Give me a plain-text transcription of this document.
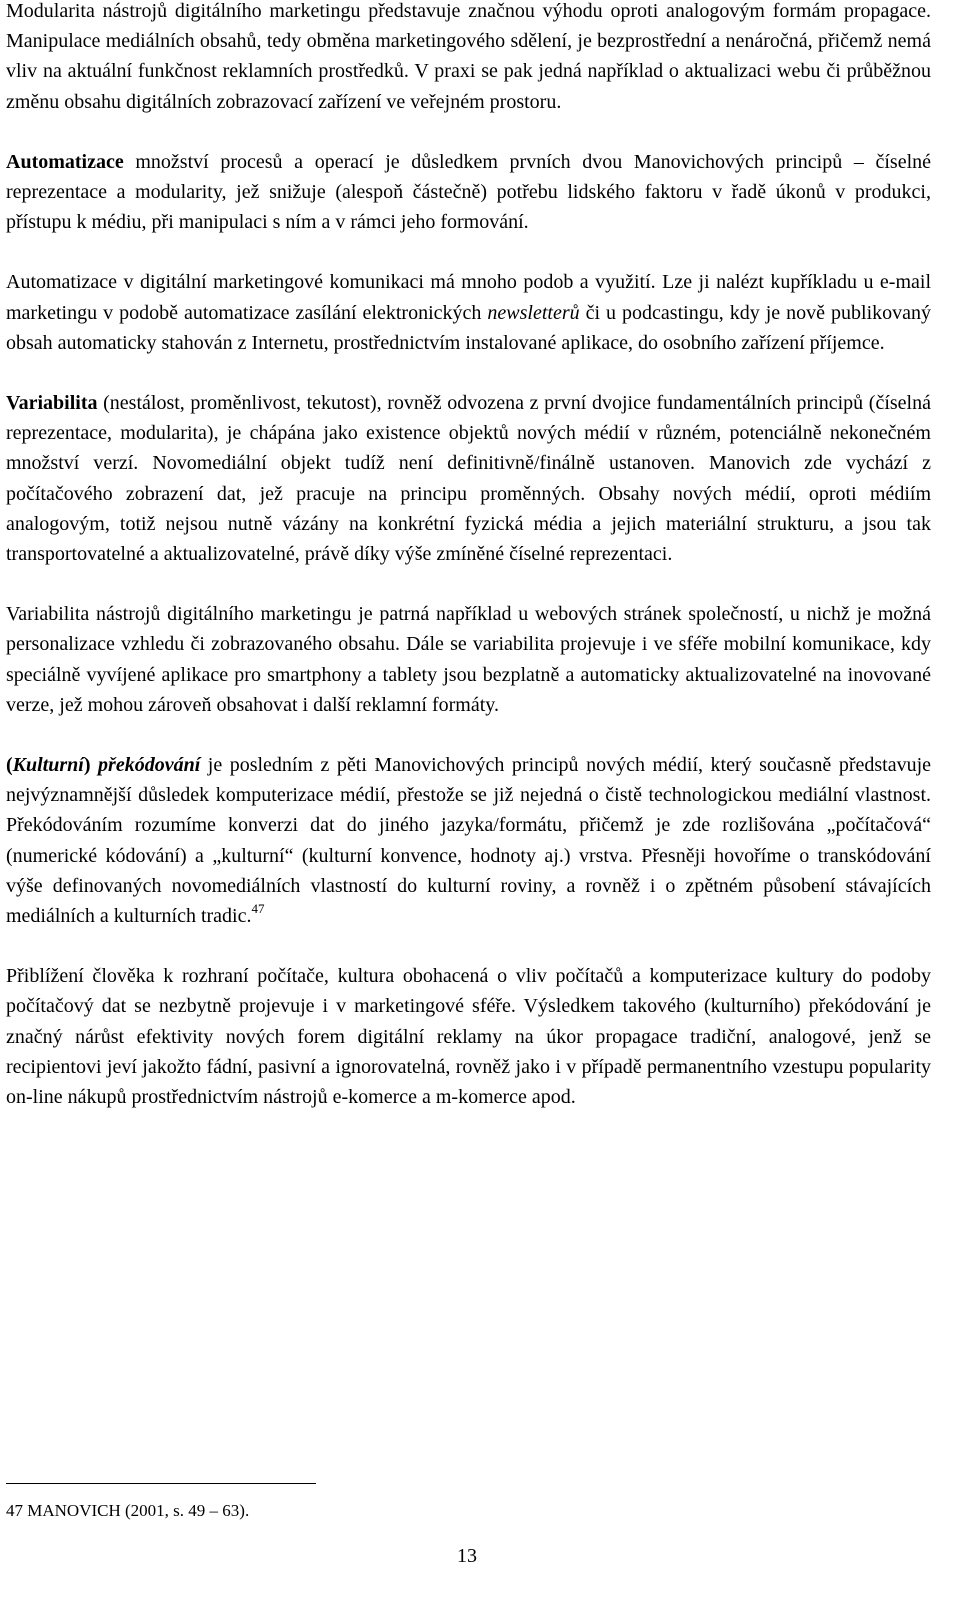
Modularita nástrojů digitálního marketingu představuje značnou výhodu oproti analogovým formám propagace. Manipulace mediálních obsahů, tedy obměna marketingového sdělení, je bezprostřední a nenáročná, přičemž nemá vliv na aktuální funkčnost reklamních prostředků. V praxi se pak jedná například o aktualizaci webu či průběžnou změnu obsahu digitálních zobrazovací zařízení ve veřejném prostoru.

Automatizace množství procesů a operací je důsledkem prvních dvou Manovichových principů – číselné reprezentace a modularity, jež snižuje (alespoň částečně) potřebu lidského faktoru v řadě úkonů v produkci, přístupu k médiu, při manipulaci s ním a v rámci jeho formování.

Automatizace v digitální marketingové komunikaci má mnoho podob a využití. Lze ji nalézt kupříkladu u e-mail marketingu v podobě automatizace zasílání elektronických newsletterů či u podcastingu, kdy je nově publikovaný obsah automaticky stahován z Internetu, prostřednictvím instalované aplikace, do osobního zařízení příjemce.

Variabilita (nestálost, proměnlivost, tekutost), rovněž odvozena z první dvojice fundamentálních principů (číselná reprezentace, modularita), je chápána jako existence objektů nových médií v různém, potenciálně nekonečném množství verzí. Novomediální objekt tudíž není definitivně/finálně ustanoven. Manovich zde vychází z počítačového zobrazení dat, jež pracuje na principu proměnných. Obsahy nových médií, oproti médiím analogovým, totiž nejsou nutně vázány na konkrétní fyzická média a jejich materiální strukturu, a jsou tak transportovatelné a aktualizovatelné, právě díky výše zmíněné číselné reprezentaci.

Variabilita nástrojů digitálního marketingu je patrná například u webových stránek společností, u nichž je možná personalizace vzhledu či zobrazovaného obsahu. Dále se variabilita projevuje i ve sféře mobilní komunikace, kdy speciálně vyvíjené aplikace pro smartphony a tablety jsou bezplatně a automaticky aktualizovatelné na inovované verze, jež mohou zároveň obsahovat i další reklamní formáty.

(Kulturní) překódování je posledním z pěti Manovichových principů nových médií, který současně představuje nejvýznamnější důsledek komputerizace médií, přestože se již nejedná o čistě technologickou mediální vlastnost. Překódováním rozumíme konverzi dat do jiného jazyka/formátu, přičemž je zde rozlišována „počítačová“ (numerické kódování) a „kulturní“ (kulturní konvence, hodnoty aj.) vrstva. Přesněji hovoříme o transkódování výše definovaných novomediálních vlastností do kulturní roviny, a rovněž i o zpětném působení stávajících mediálních a kulturních tradic.$^{47}$

Přiblížení člověka k rozhraní počítače, kultura obohacená o vliv počítačů a komputerizace kultury do podoby počítačový dat se nezbytně projevuje i v marketingové sféře. Výsledkem takového (kulturního) překódování je značný nárůst efektivity nových forem digitální reklamy na úkor propagace tradiční, analogové, jenž se recipientovi jeví jakožto fádní, pasivní a ignorovatelná, rovněž jako i v případě permanentního vzestupu popularity on-line nákupů prostřednictvím nástrojů e-komerce a m-komerce apod.

47 MANOVICH (2001, s. 49 – 63).
13
